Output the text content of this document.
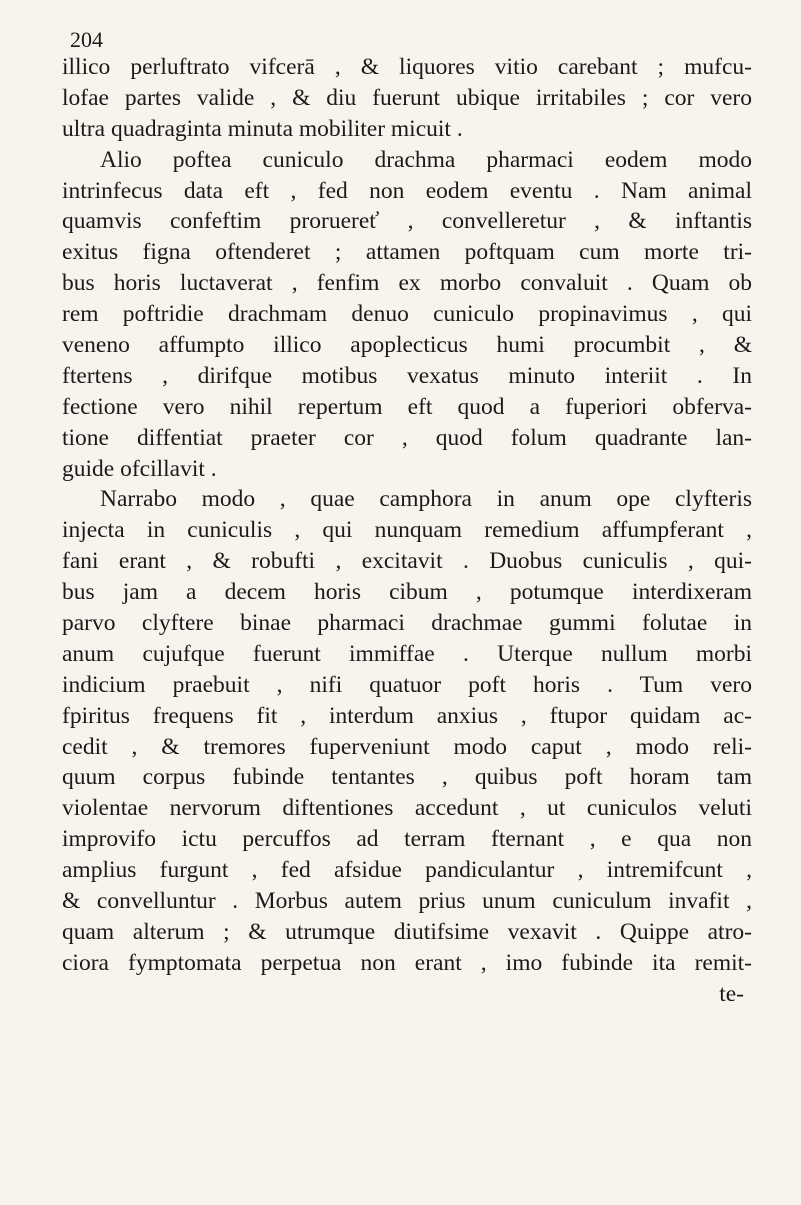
204
illico perluftrato vifcerā , & liquores vitio carebant ; mufcu-
lofae partes valide , & diu fuerunt ubique irritabiles ; cor vero
ultra quadraginta minuta mobiliter micuit .
Alio poftea cuniculo drachma pharmaci eodem modo
intrinfecus data eft , fed non eodem eventu . Nam animal
quamvis confeftim proruereť , convelleretur , & inftantis
exitus figna oftenderet ; attamen poftquam cum morte tri-
bus horis luctaverat , fenfim ex morbo convaluit . Quam ob
rem poftridie drachmam denuo cuniculo propinavimus , qui
veneno affumpto illico apoplecticus humi procumbit , &
ftertens , dirifque motibus vexatus minuto interiit . In
fectione vero nihil repertum eft quod a fuperiori obferva-
tione diffentiat praeter cor , quod folum quadrante lan-
guide ofcillavit .
Narrabo modo , quae camphora in anum ope clyfteris
injecta in cuniculis , qui nunquam remedium affumpferant ,
fani erant , & robufti , excitavit . Duobus cuniculis , qui-
bus jam a decem horis cibum , potumque interdixeram
parvo clyftere binae pharmaci drachmae gummi folutae in
anum cujufque fuerunt immiffae . Uterque nullum morbi
indicium praebuit , nifi quatuor poft horis . Tum vero
fpiritus frequens fit , interdum anxius , ftupor quidam ac-
cedit , & tremores fuperveniunt modo caput , modo reli-
quum corpus fubinde tentantes , quibus poft horam tam
violentae nervorum diftentiones accedunt , ut cuniculos veluti
improvifo ictu percuffos ad terram fternant , e qua non
amplius furgunt , fed afsidue pandiculantur , intremifcunt ,
& convelluntur . Morbus autem prius unum cuniculum invafit ,
quam alterum ; & utrumque diutifsime vexavit . Quippe atro-
ciora fymptomata perpetua non erant , imo fubinde ita remit-
te-
